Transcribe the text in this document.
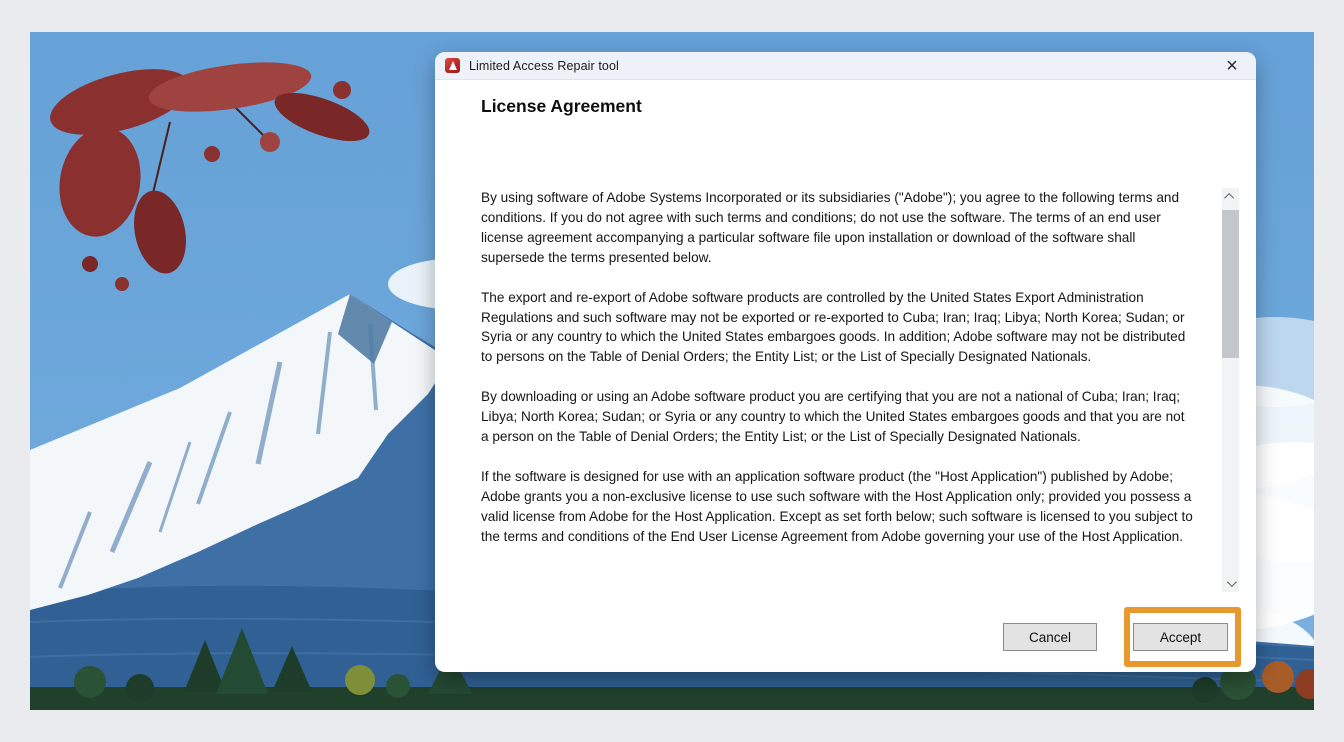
Limited Access Repair tool	×
License Agreement

By using software of Adobe Systems Incorporated or its subsidiaries ("Adobe"); you agree to the following terms and conditions. If you do not agree with such terms and conditions; do not use the software. The terms of an end user license agreement accompanying a particular software file upon installation or download of the software shall supersede the terms presented below.

The export and re-export of Adobe software products are controlled by the United States Export Administration Regulations and such software may not be exported or re-exported to Cuba; Iran; Iraq; Libya; North Korea; Sudan; or Syria or any country to which the United States embargoes goods. In addition; Adobe software may not be distributed to persons on the Table of Denial Orders; the Entity List; or the List of Specially Designated Nationals.

By downloading or using an Adobe software product you are certifying that you are not a national of Cuba; Iran; Iraq; Libya; North Korea; Sudan; or Syria or any country to which the United States embargoes goods and that you are not a person on the Table of Denial Orders; the Entity List; or the List of Specially Designated Nationals.

If the software is designed for use with an application software product (the "Host Application") published by Adobe; Adobe grants you a non-exclusive license to use such software with the Host Application only; provided you possess a valid license from Adobe for the Host Application. Except as set forth below; such software is licensed to you subject to the terms and conditions of the End User License Agreement from Adobe governing your use of the Host Application.

Cancel	Accept
